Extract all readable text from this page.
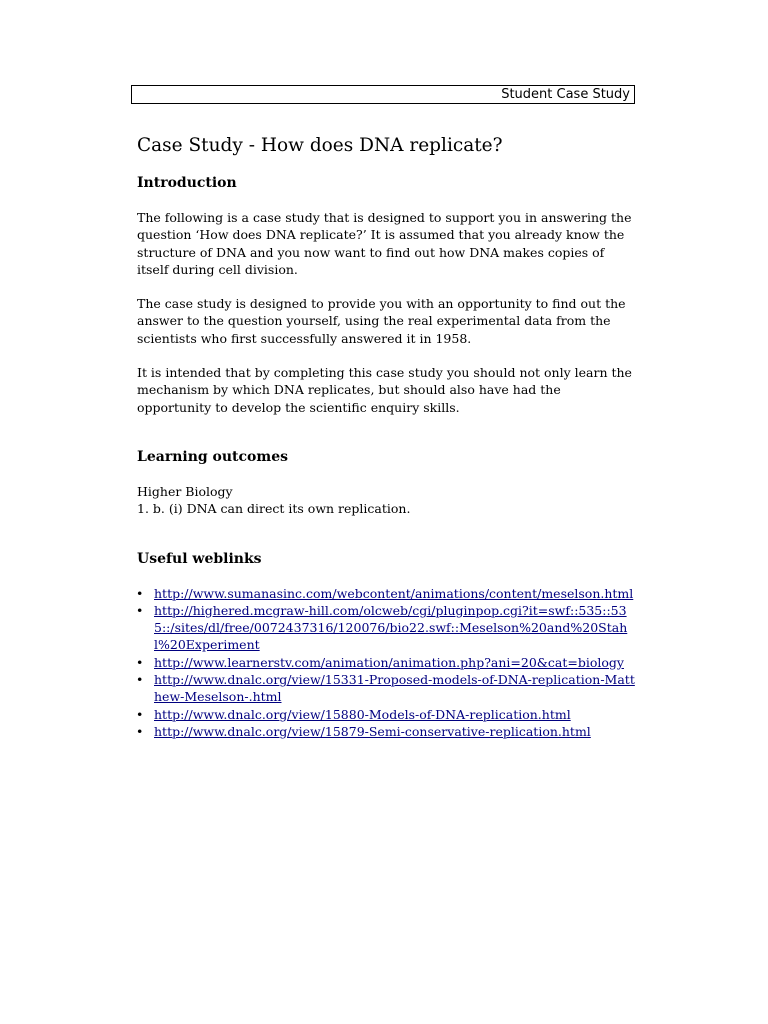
Student Case Study
Case Study - How does DNA replicate?
Introduction

The following is a case study that is designed to support you in answering the question ‘How does DNA replicate?’ It is assumed that you already know the structure of DNA and you now want to find out how DNA makes copies of itself during cell division.

The case study is designed to provide you with an opportunity to find out the answer to the question yourself, using the real experimental data from the scientists who first successfully answered it in 1958.

It is intended that by completing this case study you should not only learn the mechanism by which DNA replicates, but should also have had the opportunity to develop the scientific enquiry skills.

Learning outcomes

Higher Biology

1. b. (i) DNA can direct its own replication.

Useful weblinks
• http://www.sumanasinc.com/webcontent/animations/content/meselson.html
• http://highered.mcgraw-hill.com/olcweb/cgi/pluginpop.cgi?it=swf::535::535::/sites/dl/free/0072437316/120076/bio22.swf::Meselson%20and%20Stahl%20Experiment
• http://www.learnerstv.com/animation/animation.php?ani=20&cat=biology
• http://www.dnalc.org/view/15331-Proposed-models-of-DNA-replication-Matthew-Meselson-.html
• http://www.dnalc.org/view/15880-Models-of-DNA-replication.html
• http://www.dnalc.org/view/15879-Semi-conservative-replication.html
